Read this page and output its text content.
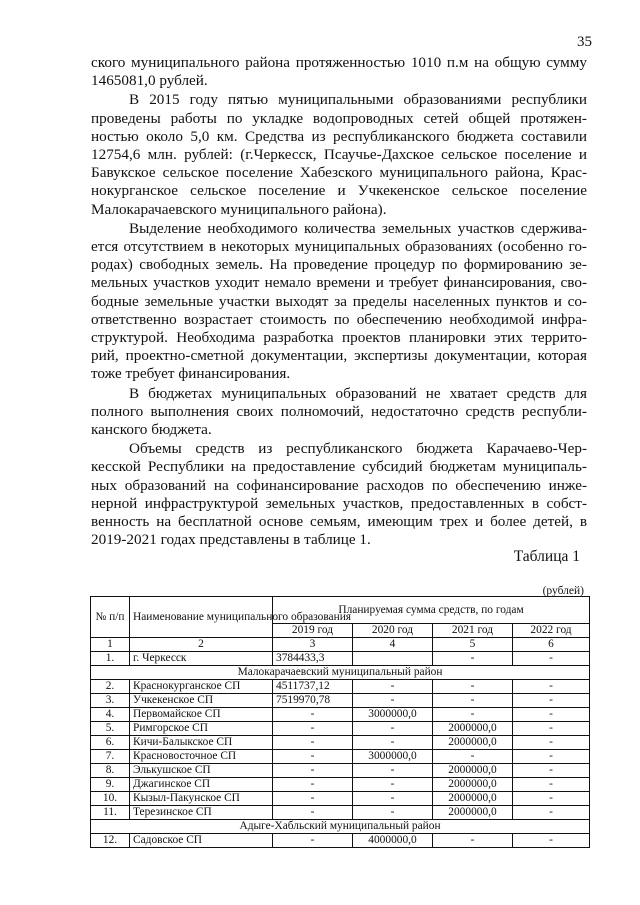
35

ского муниципального района протяженностью 1010 п.м на общую сумму 1465081,0 рублей.

В 2015 году пятью муниципальными образованиями республики проведены работы по укладке водопроводных сетей общей протяжен- ностью около 5,0 км. Средства из республиканского бюджета составили 12754,6 млн. рублей: (г.Черкесск, Псаучье-Дахское сельское поселение и Бавукское сельское поселение Хабезского муниципального района, Крас- нокурганское сельское поселение и Учкекенское сельское поселение Малокарачаевского муниципального района).

Выделение необходимого количества земельных участков сдержива- ется отсутствием в некоторых муниципальных образованиях (особенно го- родах) свободных земель. На проведение процедур по формированию зе- мельных участков уходит немало времени и требует финансирования, сво- бодные земельные участки выходят за пределы населенных пунктов и со- ответственно возрастает стоимость по обеспечению необходимой инфра- структурой. Необходима разработка проектов планировки этих террито- рий, проектно-сметной документации, экспертизы документации, которая тоже требует финансирования.

В бюджетах муниципальных образований не хватает средств для полного выполнения своих полномочий, недостаточно средств республи- канского бюджета.

Объемы средств из республиканского бюджета Карачаево-Чер- кесской Республики на предоставление субсидий бюджетам муниципаль- ных образований на софинансирование расходов по обеспечению инже- нерной инфраструктурой земельных участков, предоставленных в собст- венность на бесплатной основе семьям, имеющим трех и более детей, в 2019-2021 годах представлены в таблице 1.

Таблица 1
(рублей)
№ п/п	Наименование муниципального образования	Планируемая сумма средств, по годам			
		2019 год	2020 год	2021 год	2022 год
1	2	3	4	5	6
1.	г. Черкесск	3784433,3		-	-
Малокарачаевский муниципальный район					
2.	Краснокурганское СП	4511737,12	-	-	-
3.	Учкекенское СП	7519970,78	-	-	-
4.	Первомайское СП	-	3000000,0	-	-
5.	Римгорское СП	-	-	2000000,0	-
6.	Кичи-Балыкское СП	-	-	2000000,0	-
7.	Красновосточное СП	-	3000000,0	-	-
8.	Элькушское СП	-	-	2000000,0	-
9.	Джагинское СП	-	-	2000000,0	-
10.	Кызыл-Пакунское СП	-	-	2000000,0	-
11.	Терезинское СП	-	-	2000000,0	-
Адыге-Хабльский муниципальный район					
12.	Садовское СП	-	4000000,0	-	-
